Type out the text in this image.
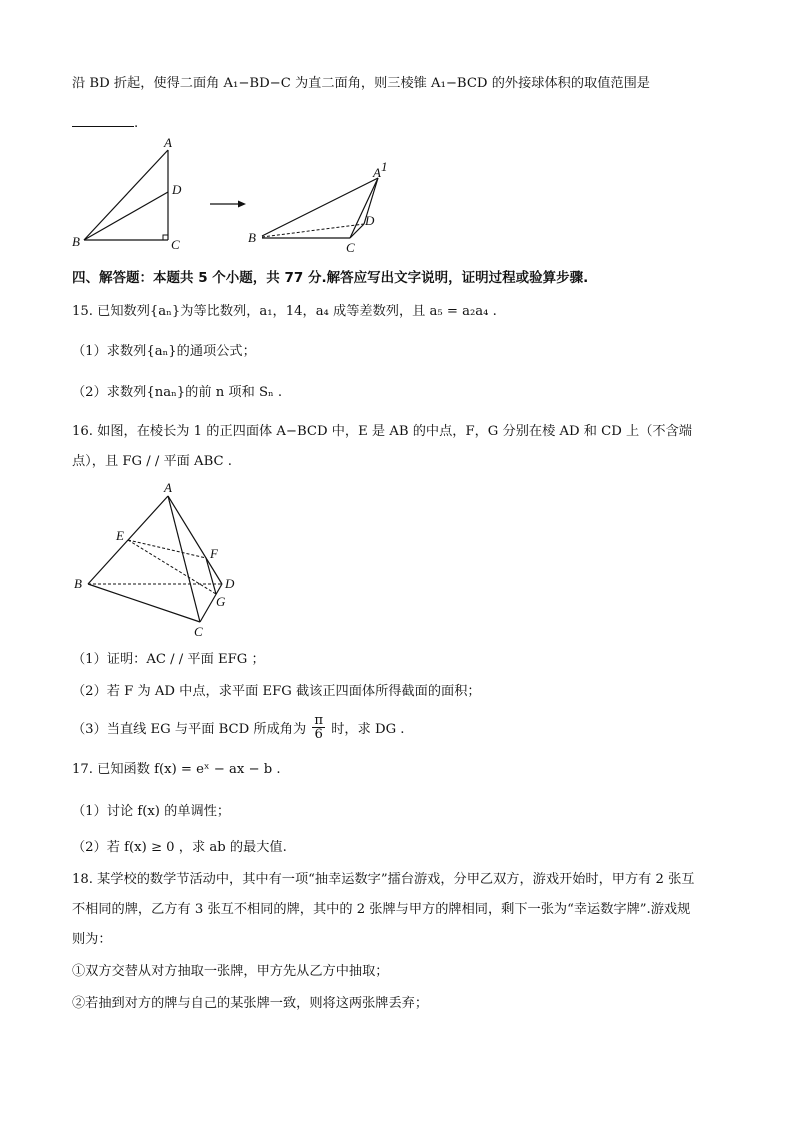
沿 BD 折起，使得二面角 A₁−BD−C 为直二面角，则三棱锥 A₁−BCD 的外接球体积的取值范围是
.
A
D
B	C
A1
D
B
C
四、解答题：本题共 5 个小题，共 77 分.解答应写出文字说明，证明过程或验算步骤.
15. 已知数列{aₙ}为等比数列，a₁，14，a₄ 成等差数列，且 a₅ = a₂a₄ .
（1）求数列{aₙ}的通项公式；
（2）求数列{naₙ}的前 n 项和 Sₙ .
16. 如图，在棱长为 1 的正四面体 A−BCD 中，E 是 AB 的中点，F，G 分别在棱 AD 和 CD 上（不含端
点），且 FG / / 平面 ABC .
A
E
F
B	D
G
C
（1）证明：AC / / 平面 EFG ；
（2）若 F 为 AD 中点，求平面 EFG 截该正四面体所得截面的面积；
（3）当直线 EG 与平面 BCD 所成角为 $\frac{\pi}{6}$ 时，求 DG .
17. 已知函数 f(x) = eˣ − ax − b .
（1）讨论 f(x) 的单调性；
（2）若 f(x) ≥ 0 ，求 ab 的最大值.
18. 某学校的数学节活动中，其中有一项“抽幸运数字”擂台游戏，分甲乙双方，游戏开始时，甲方有 2 张互
不相同的牌，乙方有 3 张互不相同的牌，其中的 2 张牌与甲方的牌相同，剩下一张为“幸运数字牌”.游戏规
则为：
①双方交替从对方抽取一张牌，甲方先从乙方中抽取；
②若抽到对方的牌与自己的某张牌一致，则将这两张牌丢弃；
